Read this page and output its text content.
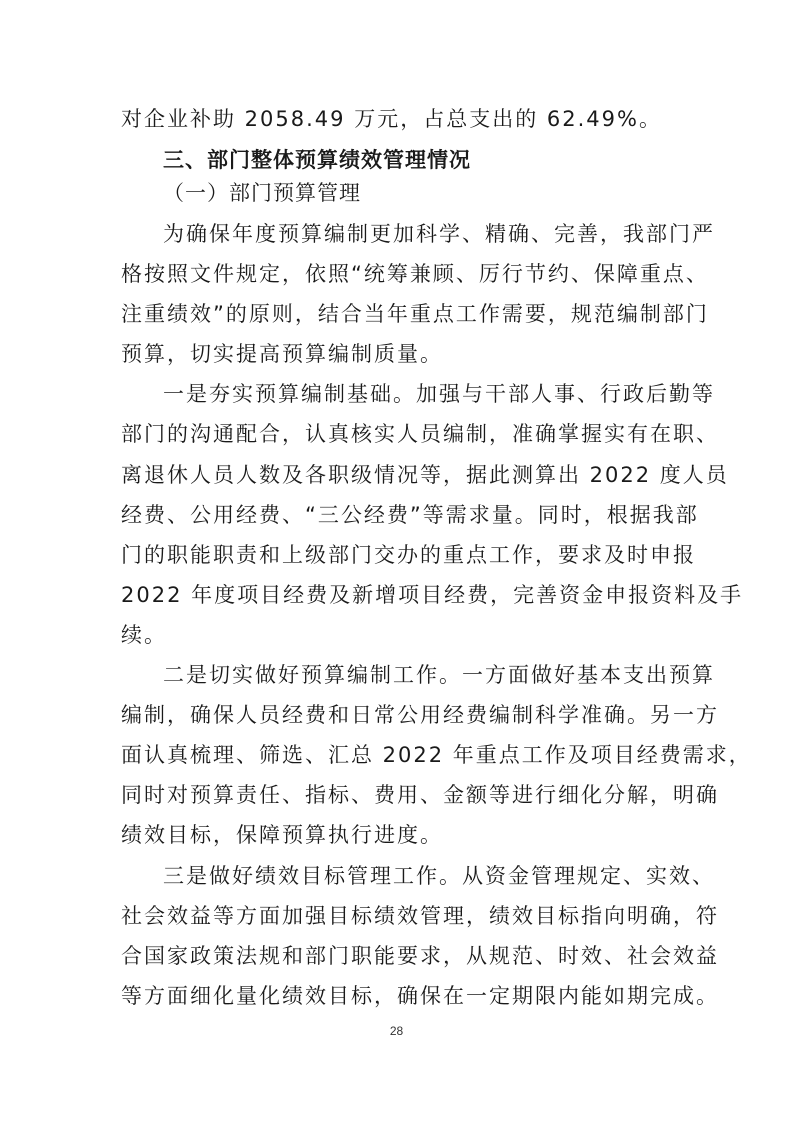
对企业补助 2058.49 万元，占总支出的 62.49%。
三、部门整体预算绩效管理情况
（一）部门预算管理
为确保年度预算编制更加科学、精确、完善，我部门严
格按照文件规定，依照“统筹兼顾、厉行节约、保障重点、
注重绩效”的原则，结合当年重点工作需要，规范编制部门
预算，切实提高预算编制质量。
一是夯实预算编制基础。加强与干部人事、行政后勤等
部门的沟通配合，认真核实人员编制，准确掌握实有在职、
离退休人员人数及各职级情况等，据此测算出 2022 度人员
经费、公用经费、“三公经费”等需求量。同时，根据我部
门的职能职责和上级部门交办的重点工作，要求及时申报
2022 年度项目经费及新增项目经费，完善资金申报资料及手
续。
二是切实做好预算编制工作。一方面做好基本支出预算
编制，确保人员经费和日常公用经费编制科学准确。另一方
面认真梳理、筛选、汇总 2022 年重点工作及项目经费需求，
同时对预算责任、指标、费用、金额等进行细化分解，明确
绩效目标，保障预算执行进度。
三是做好绩效目标管理工作。从资金管理规定、实效、
社会效益等方面加强目标绩效管理，绩效目标指向明确，符
合国家政策法规和部门职能要求，从规范、时效、社会效益
等方面细化量化绩效目标，确保在一定期限内能如期完成。
28
